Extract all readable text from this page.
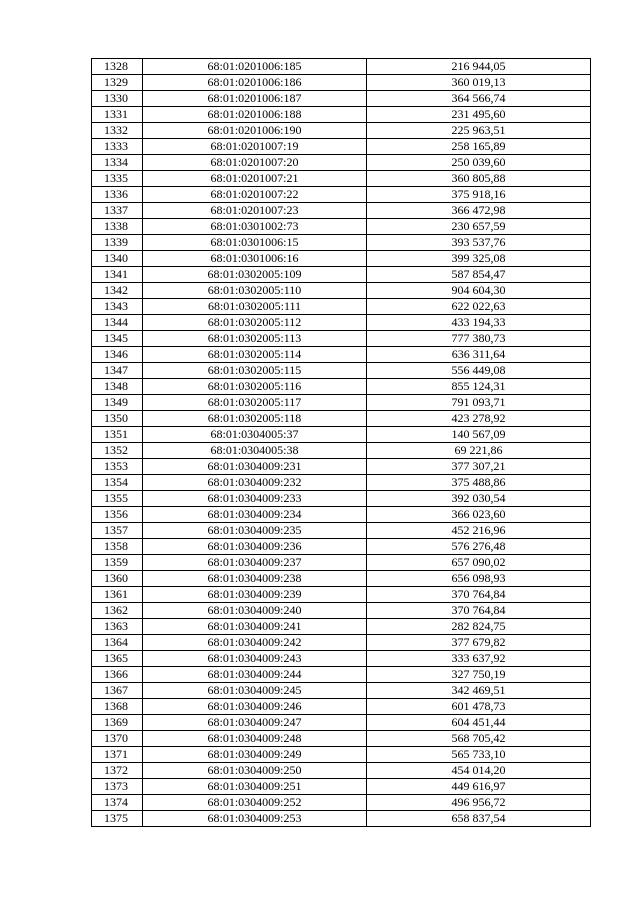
1328	68:01:0201006:185	216 944,05
1329	68:01:0201006:186	360 019,13
1330	68:01:0201006:187	364 566,74
1331	68:01:0201006:188	231 495,60
1332	68:01:0201006:190	225 963,51
1333	68:01:0201007:19	258 165,89
1334	68:01:0201007:20	250 039,60
1335	68:01:0201007:21	360 805,88
1336	68:01:0201007:22	375 918,16
1337	68:01:0201007:23	366 472,98
1338	68:01:0301002:73	230 657,59
1339	68:01:0301006:15	393 537,76
1340	68:01:0301006:16	399 325,08
1341	68:01:0302005:109	587 854,47
1342	68:01:0302005:110	904 604,30
1343	68:01:0302005:111	622 022,63
1344	68:01:0302005:112	433 194,33
1345	68:01:0302005:113	777 380,73
1346	68:01:0302005:114	636 311,64
1347	68:01:0302005:115	556 449,08
1348	68:01:0302005:116	855 124,31
1349	68:01:0302005:117	791 093,71
1350	68:01:0302005:118	423 278,92
1351	68:01:0304005:37	140 567,09
1352	68:01:0304005:38	69 221,86
1353	68:01:0304009:231	377 307,21
1354	68:01:0304009:232	375 488,86
1355	68:01:0304009:233	392 030,54
1356	68:01:0304009:234	366 023,60
1357	68:01:0304009:235	452 216,96
1358	68:01:0304009:236	576 276,48
1359	68:01:0304009:237	657 090,02
1360	68:01:0304009:238	656 098,93
1361	68:01:0304009:239	370 764,84
1362	68:01:0304009:240	370 764,84
1363	68:01:0304009:241	282 824,75
1364	68:01:0304009:242	377 679,82
1365	68:01:0304009:243	333 637,92
1366	68:01:0304009:244	327 750,19
1367	68:01:0304009:245	342 469,51
1368	68:01:0304009:246	601 478,73
1369	68:01:0304009:247	604 451,44
1370	68:01:0304009:248	568 705,42
1371	68:01:0304009:249	565 733,10
1372	68:01:0304009:250	454 014,20
1373	68:01:0304009:251	449 616,97
1374	68:01:0304009:252	496 956,72
1375	68:01:0304009:253	658 837,54
